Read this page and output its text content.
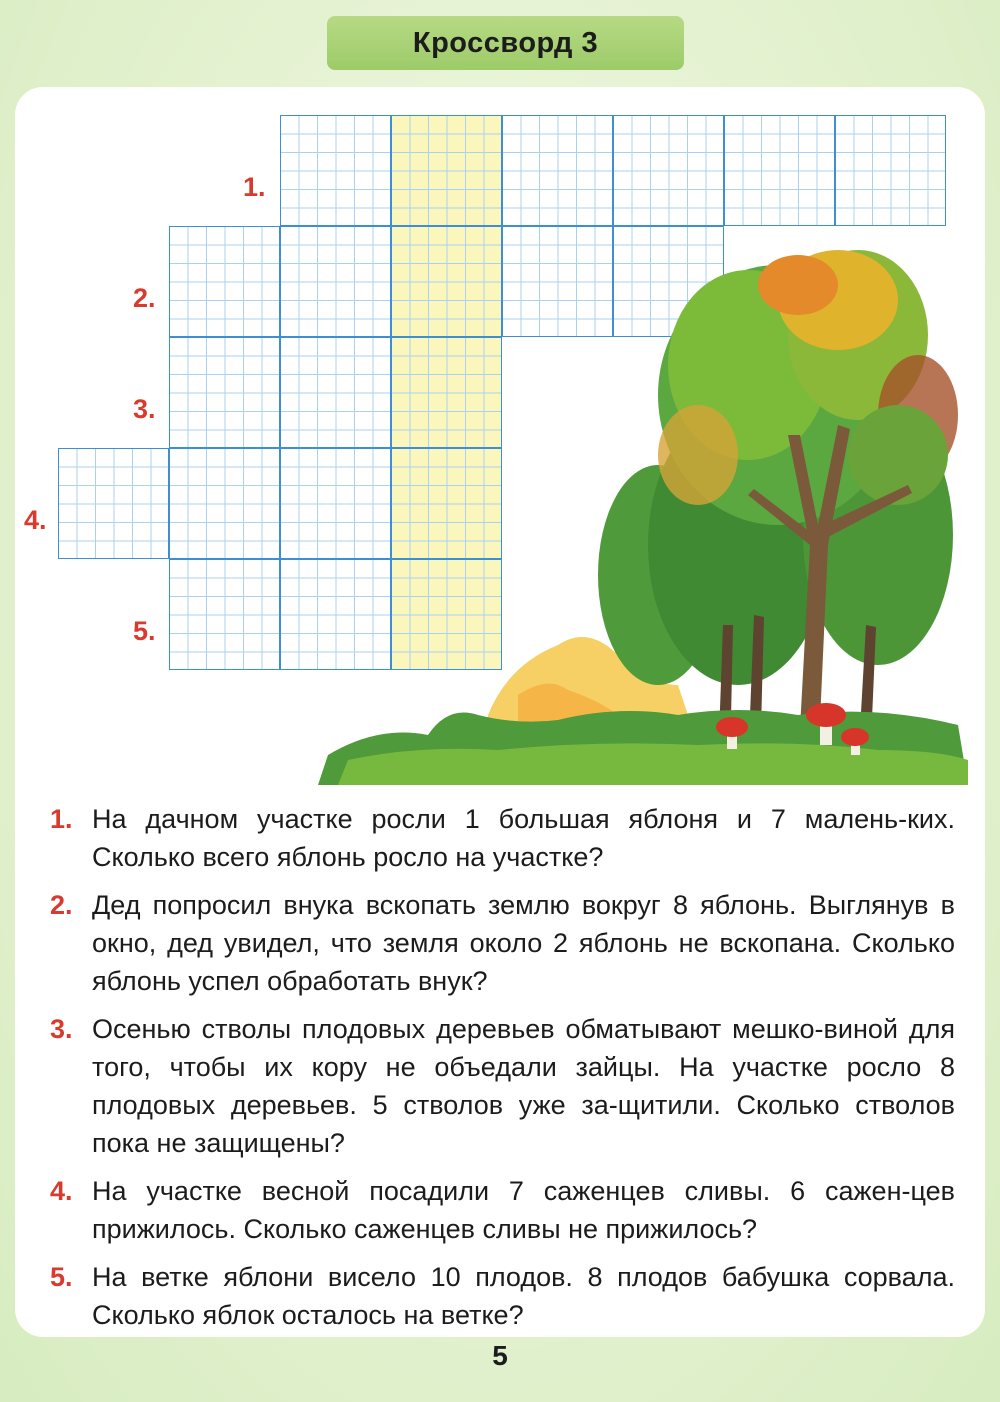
Кроссворд 3
1.
2.
3.
4.
5.
1. На дачном участке росли 1 большая яблоня и 7 малень-ких. Сколько всего яблонь росло на участке?
2. Дед попросил внука вскопать землю вокруг 8 яблонь. Выглянув в окно, дед увидел, что земля около 2 яблонь не вскопана. Сколько яблонь успел обработать внук?
3. Осенью стволы плодовых деревьев обматывают мешко-виной для того, чтобы их кору не объедали зайцы. На участке росло 8 плодовых деревьев. 5 стволов уже за-щитили. Сколько стволов пока не защищены?
4. На участке весной посадили 7 саженцев сливы. 6 сажен-цев прижилось. Сколько саженцев сливы не прижилось?
5. На ветке яблони висело 10 плодов. 8 плодов бабушка сорвала. Сколько яблок осталось на ветке?
5
